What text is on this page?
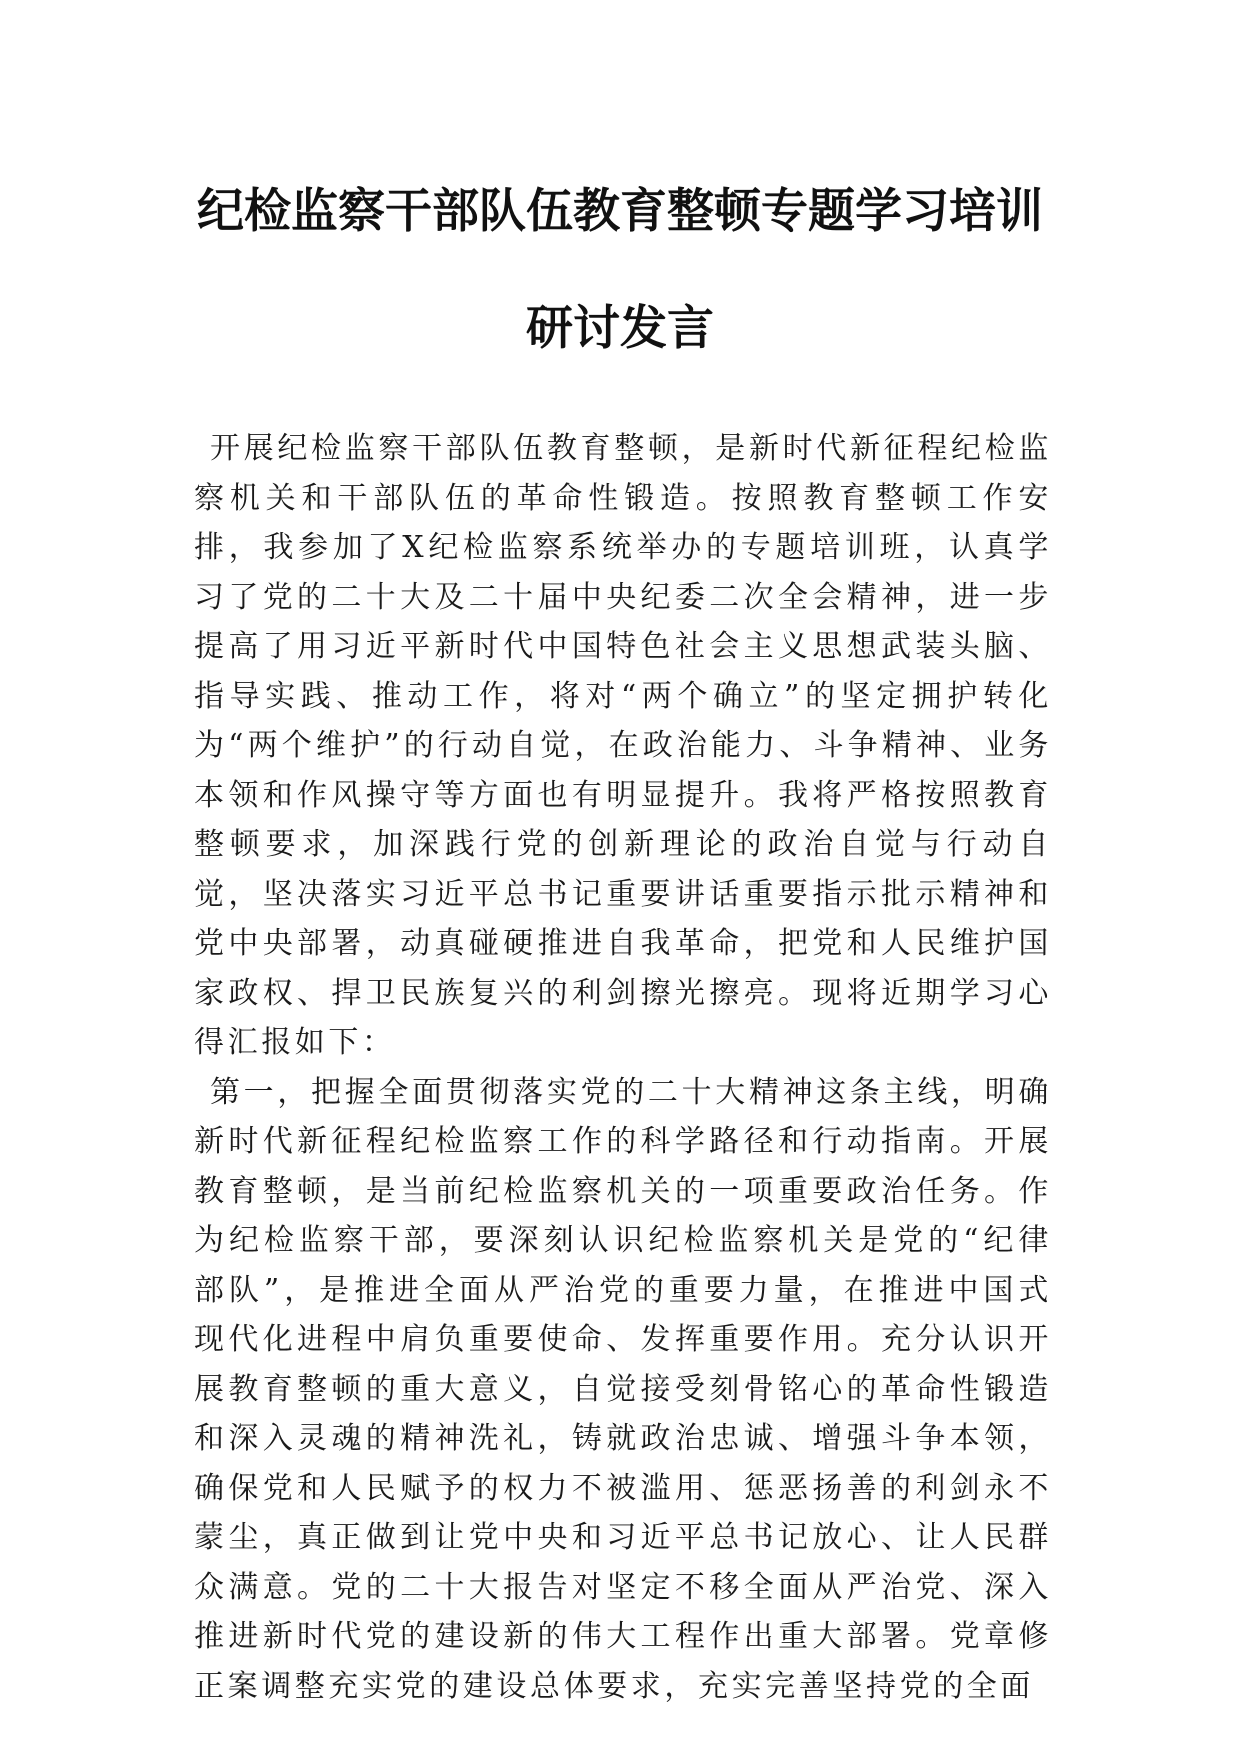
纪检监察干部队伍教育整顿专题学习培训
研讨发言

开展纪检监察干部队伍教育整顿，是新时代新征程纪检监察机关和干部队伍的革命性锻造。按照教育整顿工作安排，我参加了X纪检监察系统举办的专题培训班，认真学习了党的二十大及二十届中央纪委二次全会精神，进一步提高了用习近平新时代中国特色社会主义思想武装头脑、指导实践、推动工作，将对“两个确立”的坚定拥护转化为“两个维护”的行动自觉，在政治能力、斗争精神、业务本领和作风操守等方面也有明显提升。我将严格按照教育整顿要求，加深践行党的创新理论的政治自觉与行动自觉，坚决落实习近平总书记重要讲话重要指示批示精神和党中央部署，动真碰硬推进自我革命，把党和人民维护国家政权、捍卫民族复兴的利剑擦光擦亮。现将近期学习心得汇报如下：

第一，把握全面贯彻落实党的二十大精神这条主线，明确新时代新征程纪检监察工作的科学路径和行动指南。开展教育整顿，是当前纪检监察机关的一项重要政治任务。作为纪检监察干部，要深刻认识纪检监察机关是党的“纪律部队”，是推进全面从严治党的重要力量，在推进中国式现代化进程中肩负重要使命、发挥重要作用。充分认识开展教育整顿的重大意义，自觉接受刻骨铭心的革命性锻造和深入灵魂的精神洗礼，铸就政治忠诚、增强斗争本领，确保党和人民赋予的权力不被滥用、惩恶扬善的利剑永不蒙尘，真正做到让党中央和习近平总书记放心、让人民群众满意。党的二十大报告对坚定不移全面从严治党、深入推进新时代党的建设新的伟大工程作出重大部署。党章修正案调整充实党的建设总体要求，充实完善坚持党的全面
